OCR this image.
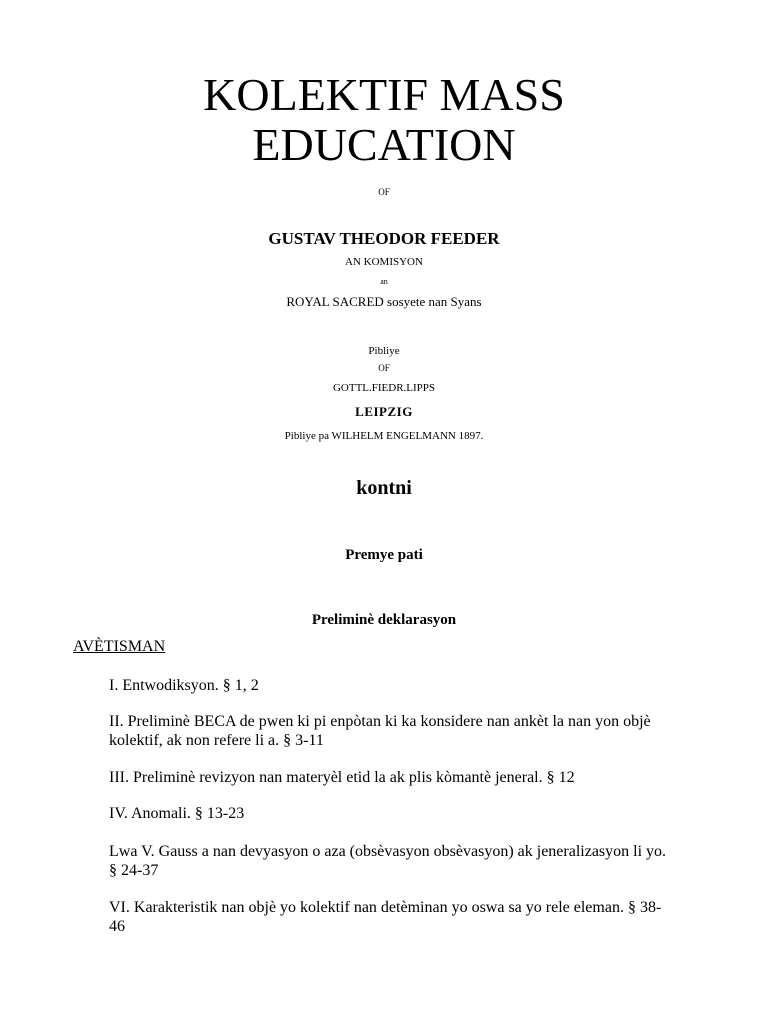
KOLEKTIF MASS
EDUCATION
OF
GUSTAV THEODOR FEEDER
AN KOMISYON
an
ROYAL SACRED sosyete nan Syans
Pibliye
OF
GOTTL.FIEDR.LIPPS
LEIPZIG
Pibliye pa WILHELM ENGELMANN 1897.
kontni
Premye pati
Preliminè deklarasyon
AVÈTISMAN
I. Entwodiksyon. § 1, 2
II. Preliminè BECA de pwen ki pi enpòtan ki ka konsidere nan ankèt la nan yon objè kolektif, ak non refere li a. § 3-11
III. Preliminè revizyon nan materyèl etid la ak plis kòmantè jeneral. § 12
IV. Anomali. § 13-23
Lwa V. Gauss a nan devyasyon o aza (obsèvasyon obsèvasyon) ak jeneralizasyon li yo. § 24-37
VI. Karakteristik nan objè yo kolektif nan detèminan yo oswa sa yo rele eleman. § 38-46
